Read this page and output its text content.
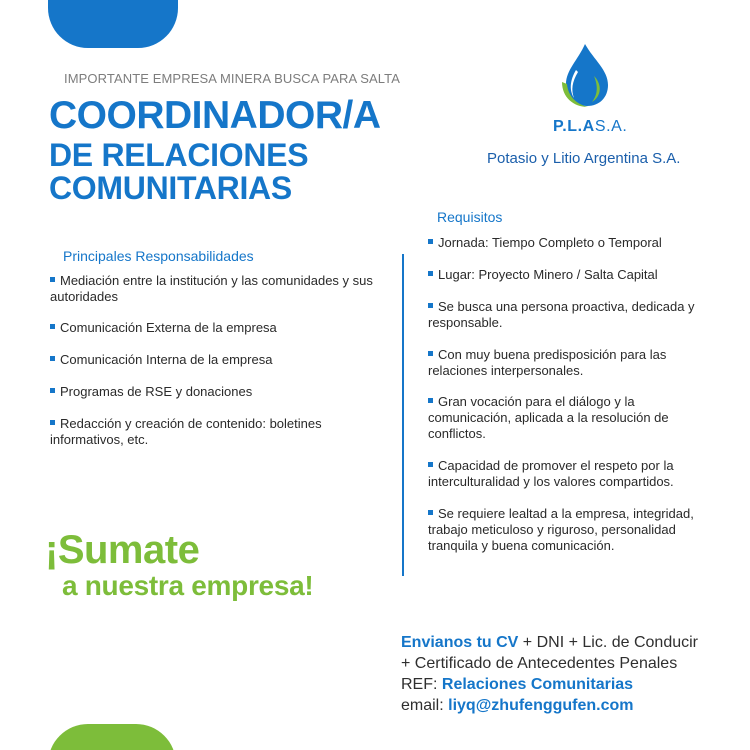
IMPORTANTE EMPRESA MINERA BUSCA PARA SALTA
COORDINADOR/A
DE RELACIONES
COMUNITARIAS
P.L.AS.A.
Potasio y Litio Argentina S.A.
Principales Responsabilidades
Mediación entre la institución y las comunidades y sus
autoridades
Comunicación Externa de la empresa
Comunicación Interna de la empresa
Programas de RSE y donaciones
Redacción y creación de contenido: boletines
informativos, etc.
Requisitos
Jornada: Tiempo Completo o Temporal
Lugar: Proyecto Minero / Salta Capital
Se busca una persona proactiva, dedicada y
responsable.
Con muy buena predisposición para las
relaciones interpersonales.
Gran vocación para el diálogo y la
comunicación, aplicada a la resolución de
conflictos.
Capacidad de promover el respeto por la
interculturalidad y los valores compartidos.
Se requiere lealtad a la empresa, integridad,
trabajo meticuloso y riguroso, personalidad
tranquila y buena comunicación.
¡Sumate
a nuestra empresa!
Envianos tu CV + DNI + Lic. de Conducir
+ Certificado de Antecedentes Penales
REF: Relaciones Comunitarias
email: liyq@zhufenggufen.com
